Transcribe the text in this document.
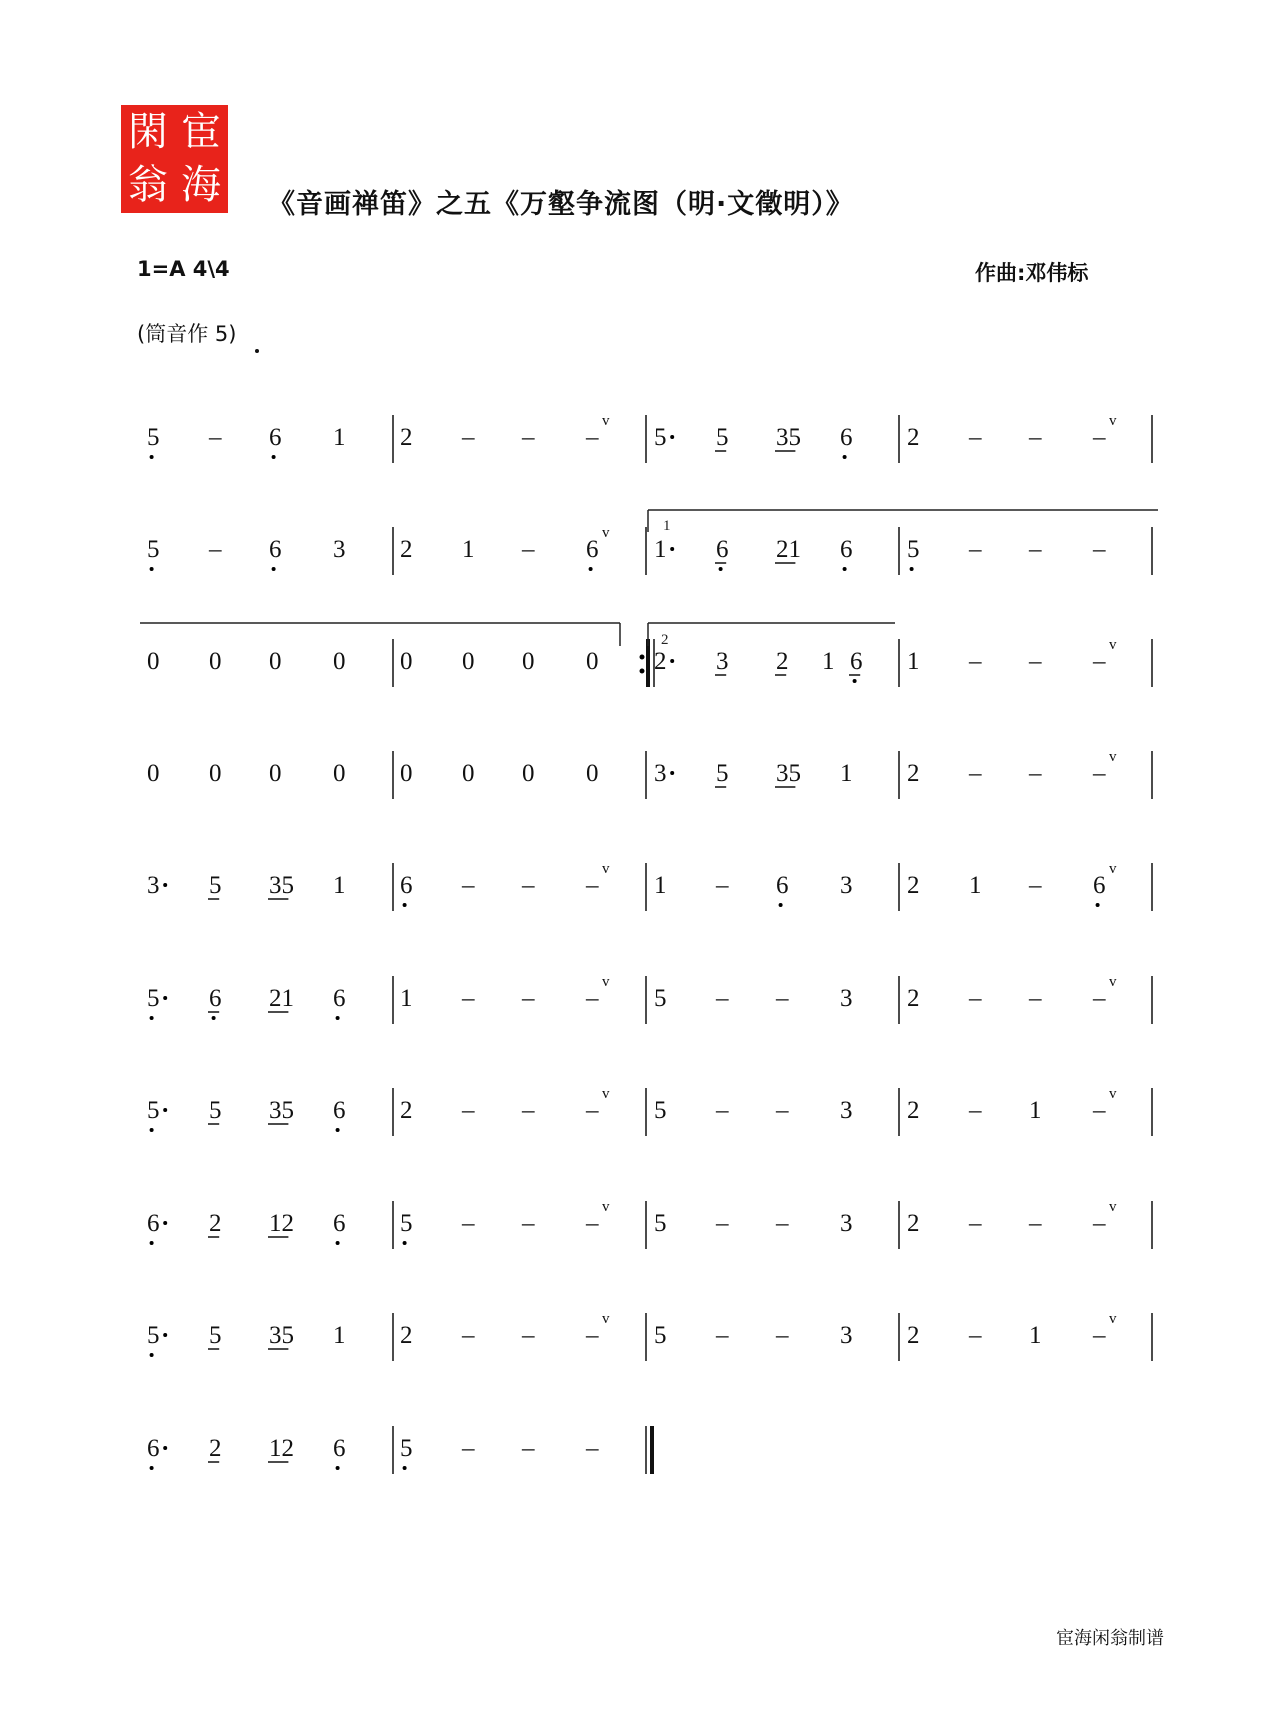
閑 宦
翁 海 《音画禅笛》之五《万壑争流图（明·文徵明）》
1=A 4\4	作曲:邓伟标
(筒音作 5)
5 – 6 1 2 – – –
v
5 5 35 6 2 – – –
v
5 – 6 3 2 1 – 6
v
1 6 21 6 5 – – –
0 0 0 0 0 0 0 0 2 3 2 1 6 1 – – –
v
0 0 0 0 0 0 0 0 3 5 35 1 2 – – –
v
3 5 35 1 6 – – –
v
1 – 6 3 2 1 – 6
v
5 6 21 6 1 – – –
v
5 – – 3 2 – – –
v
5 5 35 6 2 – – –
v
5 – – 3 2 – 1 –
v
6 2 12 6 5 – – –
v
5 – – 3 2 – – –
v
5 5 35 1 2 – – –
v
5 – – 3 2 – 1 –
v
6 2 12 6 5 – – –
1
2
宦海闲翁制谱
